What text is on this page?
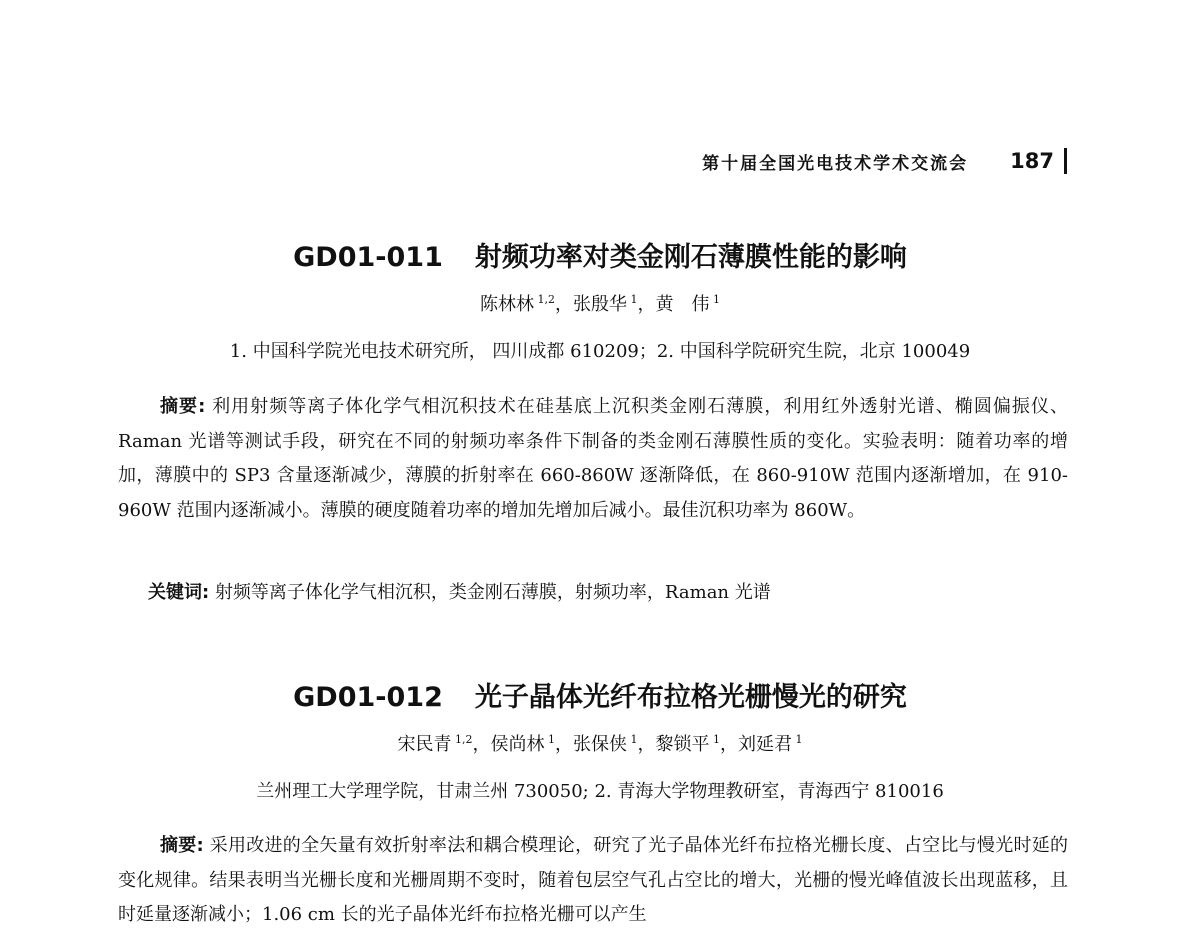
第十届全国光电技术学术交流会 187
GD01-011 射频功率对类金刚石薄膜性能的影响
陈林林 $^{1,2}$，张殷华 $^1$，黄　伟 $^1$
1. 中国科学院光电技术研究所， 四川成都 610209；2. 中国科学院研究生院，北京 100049

摘要: 利用射频等离子体化学气相沉积技术在硅基底上沉积类金刚石薄膜，利用红外透射光谱、椭圆偏振仪、Raman 光谱等测试手段，研究在不同的射频功率条件下制备的类金刚石薄膜性质的变化。实验表明：随着功率的增加，薄膜中的 SP3 含量逐渐减少，薄膜的折射率在 660-860W 逐渐降低，在 860-910W 范围内逐渐增加，在 910-960W 范围内逐渐减小。薄膜的硬度随着功率的增加先增加后减小。最佳沉积功率为 860W。

关键词: 射频等离子体化学气相沉积，类金刚石薄膜，射频功率，Raman 光谱
GD01-012 光子晶体光纤布拉格光栅慢光的研究
宋民青 $^{1,2}$，侯尚林 $^1$，张保侠 $^1$，黎锁平 $^1$，刘延君 $^1$
兰州理工大学理学院，甘肃兰州 730050; 2. 青海大学物理教研室，青海西宁 810016

摘要: 采用改进的全矢量有效折射率法和耦合模理论，研究了光子晶体光纤布拉格光栅长度、占空比与慢光时延的变化规律。结果表明当光栅长度和光栅周期不变时，随着包层空气孔占空比的增大，光栅的慢光峰值波长出现蓝移，且时延量逐渐减小；1.06 cm 长的光子晶体光纤布拉格光栅可以产生
